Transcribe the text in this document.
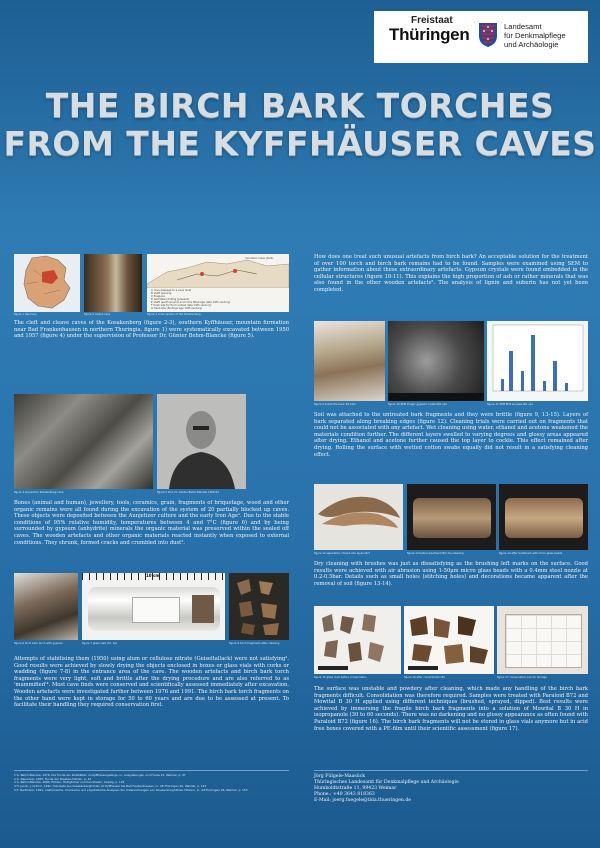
Freistaat
Thüringen	Landesamt
für Denkmalpflege
und Archäologie
THE BIRCH BARK TORCHES
FROM THE KYFFHÄUSER CAVES
figure 1 Germany	figure 2 cleave cave
mountain mass (bulk)
A cave passage to a cave level
B shaft opening
C fireplace
D permitted drilling (present)
E shaft (earth-bound) and rocks filled age (late 19th century)
F fresh site for find context (late 19th century)
G fresh site (findings age 19th century)
figure 3 cross section of the Kosakenberg
The cleft and cleave caves of the Kosakenberg (figure 2-3), southern Kyffhäuser, mountain formation near Bad Frankenhausen in northern Thuringia, figure 1) were systematically excavated between 1950 and 1957 (figure 4) under the supervision of Professor Dr. Günter Behm-Blancke (figure 5).
figure 4 excavation Kosakenberg cave	figure 5 Prof. Dr. Günter Behm-Blancke 1908-94
Bones (animal and human), jewellery, tools, ceramics, grain, fragments of briquetage, wood and other organic remains were all found during the excavation of the system of 20 partially blocked up caves. These objects were deposited between the Aunjetizer culture and the early Iron Age¹. Due to the stable conditions of 95% relative humidity, temperatures between 4 and 7°C (figure 6) and by being surrounded by gypsum (anhydrite) minerals the organic material was preserved within the sealed off caves. The wooden artefacts and other organic materials reacted instantly when exposed to external conditions. They shrunk, formed cracks and crumbled into dust².
figure 6 birch bark torch with gypsum
10 cm
figure 7 glass vials (fcl. 1p)	figure 8 torch fragments after cleaning
Attempts of stabilising them (1950) using alum or cellulose nitrate (Geiseltallack) were not satisfying². Good results were achieved by slowly drying the objects enclosed in boxes or glass vials with corks or wadding (figure 7-8) in the entrance area of the cave. The wooden artefacts and birch bark torch fragments were very light, soft and brittle after the drying procedure and are also referred to as 'mummified'⁴. Most cave finds were conserved and scientifically assessed immediately after excavation. Wooden artefacts were investigated further between 1976 and 1991. The birch bark torch fragments on the other hand were kept in storage for 50 to 60 years and are due to be assessed at present. To facilitate their handling they required conservation first.
How does one treat such unusual artefacts from birch bark? An acceptable solution for the treatment of over 100 torch and birch bark remains had to be found. Samples were examined using SEM to gather information about these extraordinary artefacts. Gypsum crystals were found embedded in the cellular structures (figure 10-11). This explains the high proportion of ash or rather minerals that was also found in the other wooden artefacts⁵. The analysis of lignin and suberin has not yet been completed.
figure 9 inside the bark: B2 bark	figure 10 SEM image: gypsum crystal B/1 sp1	figure 11 SEM EDS analysis B/1 sp1
Soil was attached to the untreated bark fragments and they were brittle (figure 9, 13-15). Layers of bark separated along breaking edges (figure 12). Cleaning trials were carried out on fragments that could not be associated with any artefact. Wet cleaning using water, ethanol and acetone weakened the materials condition further. The different layers swelled to varying degrees and glossy areas appeared after drying. Ethanol and acetone further caused the top layer to cockle. This effect remained after drying. Rolling the surface with wetted cotton swabs equally did not result in a satisfying cleaning effect.
figure 12 separation of bark into layers B/1	figure 13 before treatment B/2 dry cleaning	figure 14 after treatment with micro-glass beads
Dry cleaning with brushes was just as dissatisfying as the brushing left marks on the surface. Good results were achieved with air abrasion using 1-50µm micro glass beads with a 0.4mm steel nozzle at 0.2-0.5bar. Details such as small holes (stitching holes) and decorations became apparent after the removal of soil (figure 13-14).
figure 15 glass vials before conservation	figure 16 after consolidation B2	figure 17 conservation box for storage
The surface was unstable and powdery after cleaning, which made any handling of the birch bark fragments difficult. Consolidation was therefore required. Samples were treated with Paraloid B72 and Mowital B 30 H applied using different techniques (brushed, sprayed, dipped). Best results were achieved by immersing the fragile birch bark fragments into a solution of Mowital B 30 H in isopropanole (30 to 60 seconds). There was no darkening and no glossy appearance as often found with Paraloid B72 (figure 16). The birch bark fragments will not be stored in glass vials anymore but in acid free boxes covered with a PE-film until their scientific assessment (figure 17).
1 G. Behm-Blancke, 1976, Die Funde der Kultstätten im Kyffhäusergebirge, in: Ausgrabungen und Funde 21, Weimar, p. 97
2 G. Neumann, 1955, Funde der Kosaken-Höhlen, p. 42
3 G. Behm-Blancke, 1980, Höhlen, Heiligtümer und Kannibalen, Leipzig, p. 129
4 H. Jacob, J. Grimm, 1991, Holzreste aus Kosakenberghöhlen im Kyffhäuser bei Bad Frankenhausen, in: Alt-Thüringen 26, Weimar, p. 143
5 K. Bartmann, 1991, Anatomische, chemische und physikalische Analysen der Untersuchungen von Kosakenberghöhlen-Hölzern, in: Alt-Thüringen 26, Weimar, p. 153
Jörg Fülgele-Maasück
Thüringisches Landesamt für Denkmalpflege und Archäologie
Humboldtstraße 11, 99423 Weimar
Phone.: +49 3643 818363
E-Mail: joerg.fuegele@tlda.thueringen.de
